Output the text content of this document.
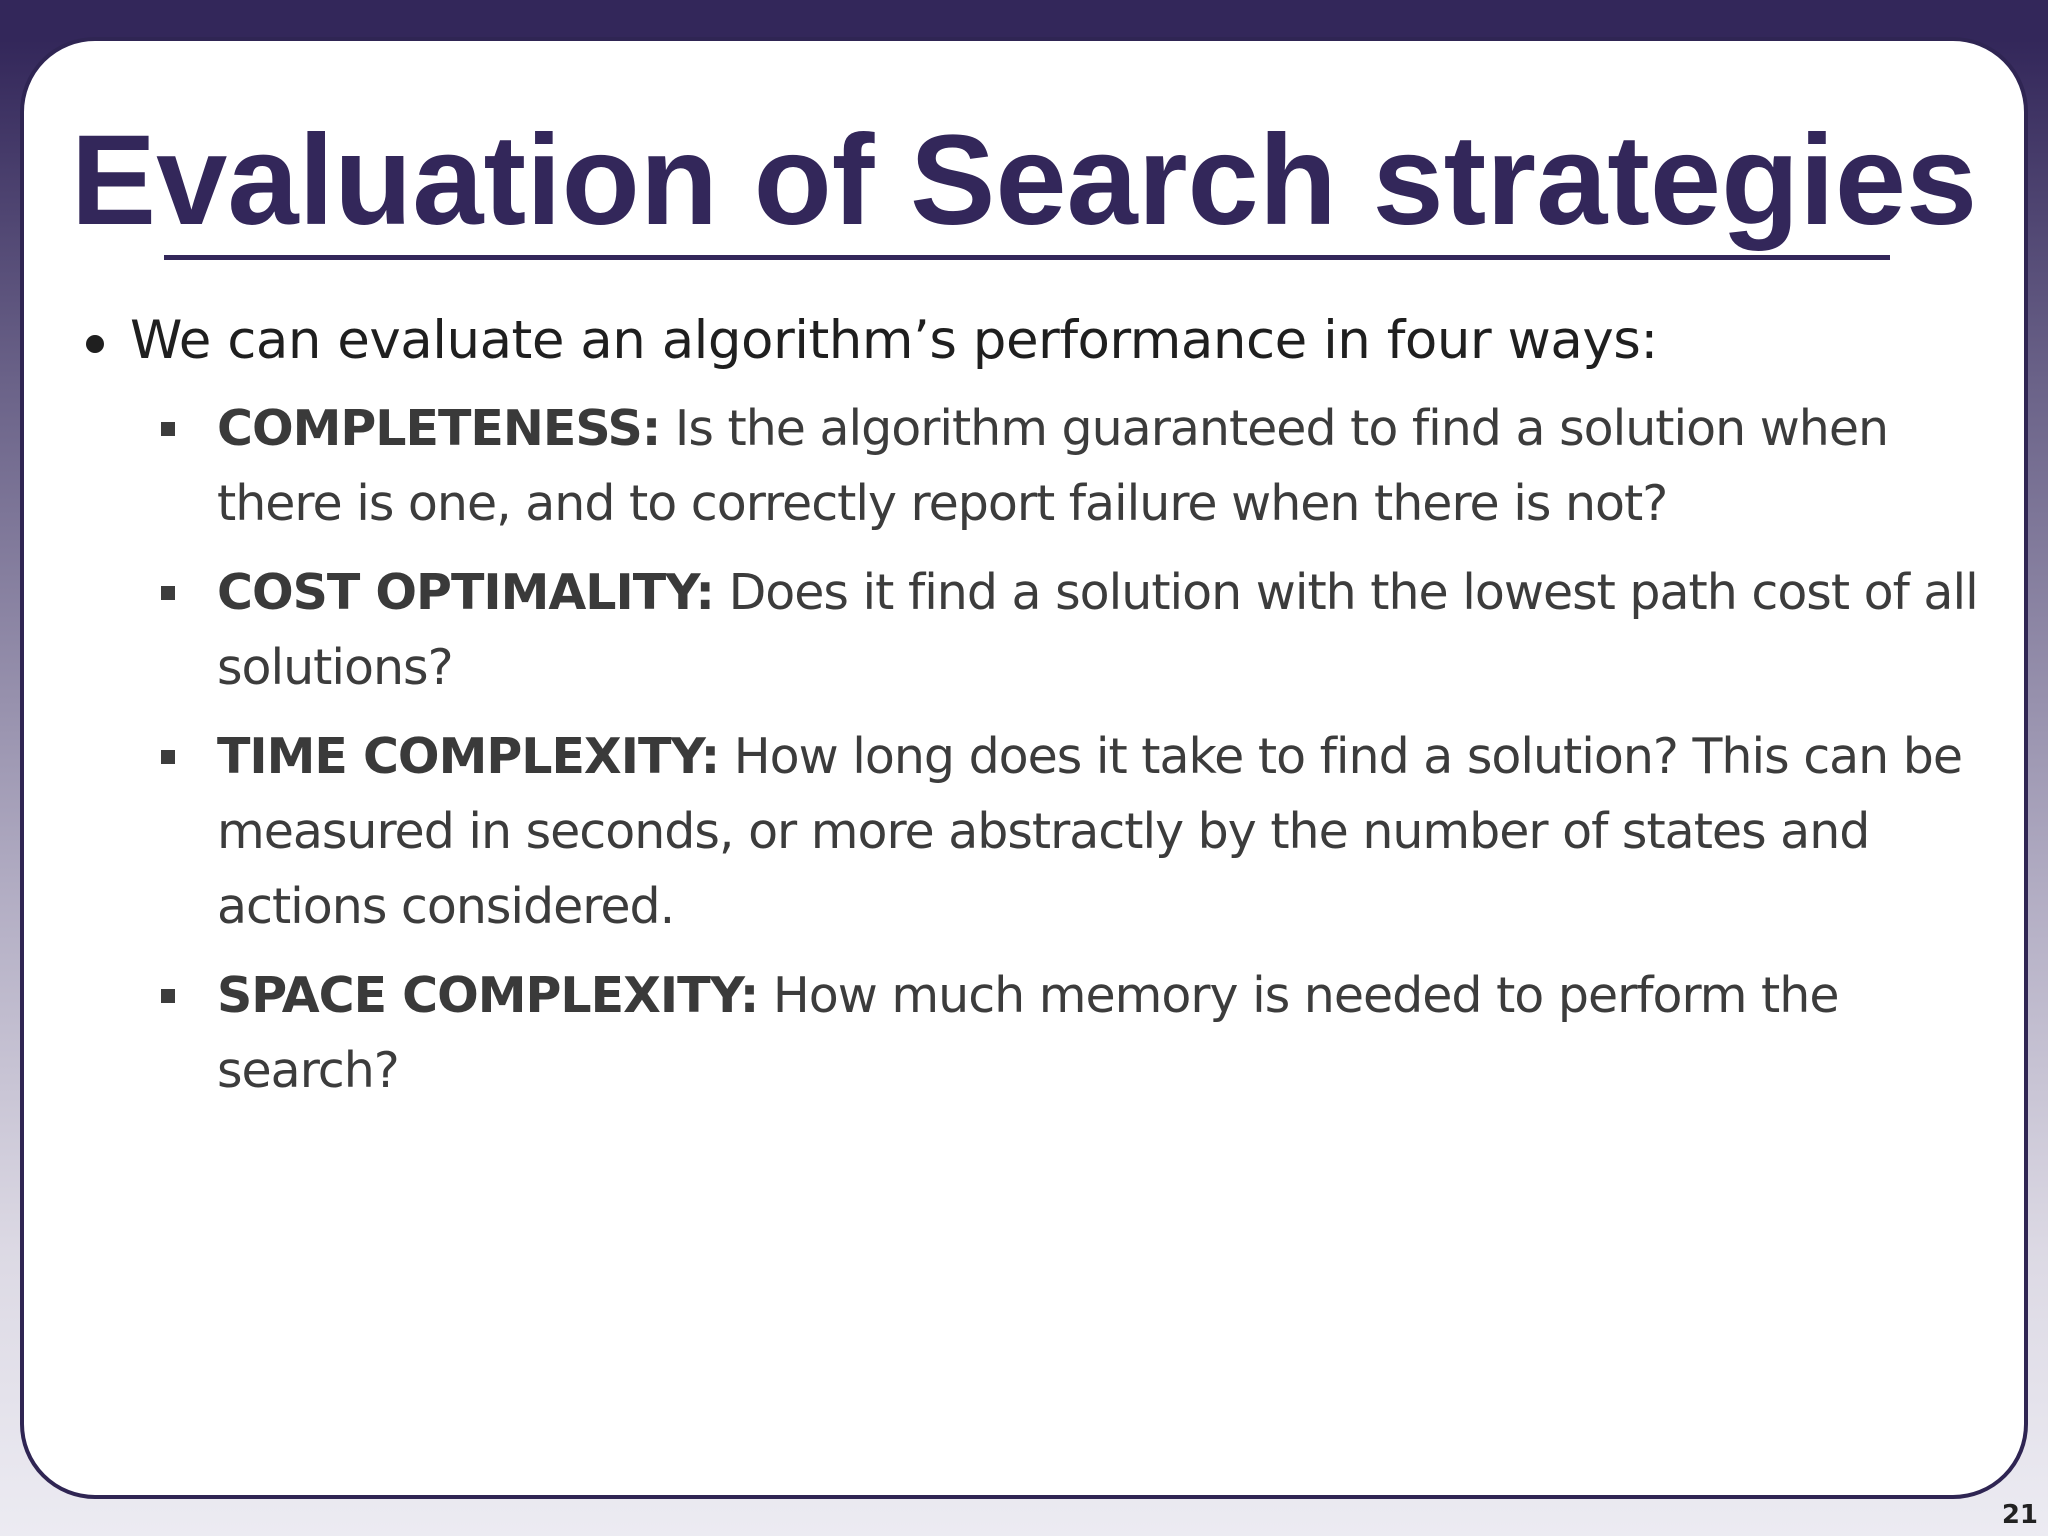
Evaluation of Search strategies
We can evaluate an algorithm’s performance in four ways:
COMPLETENESS: Is the algorithm guaranteed to find a solution when there is one, and to correctly report failure when there is not?
COST OPTIMALITY: Does it find a solution with the lowest path cost of all solutions?
TIME COMPLEXITY: How long does it take to find a solution? This can be measured in seconds, or more abstractly by the number of states and actions considered.
SPACE COMPLEXITY: How much memory is needed to perform the search?
21
